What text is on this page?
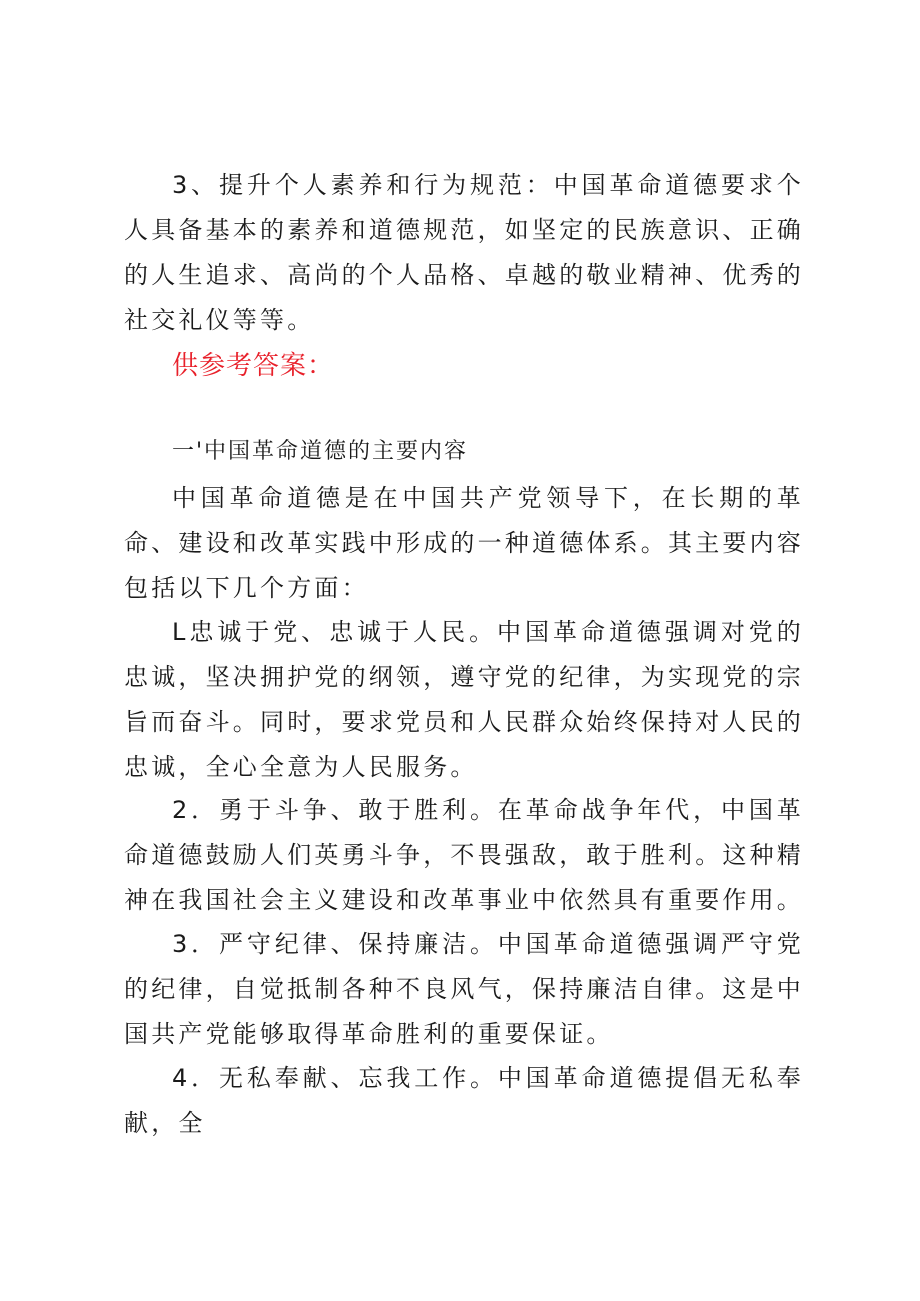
3、提升个人素养和行为规范：中国革命道德要求个人具备基本的素养和道德规范，如坚定的民族意识、正确的人生追求、高尚的个人品格、卓越的敬业精神、优秀的社交礼仪等等。

供参考答案：

一'中国革命道德的主要内容

中国革命道德是在中国共产党领导下，在长期的革命、建设和改革实践中形成的一种道德体系。其主要内容包括以下几个方面：

L忠诚于党、忠诚于人民。中国革命道德强调对党的忠诚，坚决拥护党的纲领，遵守党的纪律，为实现党的宗旨而奋斗。同时，要求党员和人民群众始终保持对人民的忠诚，全心全意为人民服务。

2．勇于斗争、敢于胜利。在革命战争年代，中国革命道德鼓励人们英勇斗争，不畏强敌，敢于胜利。这种精神在我国社会主义建设和改革事业中依然具有重要作用。

3．严守纪律、保持廉洁。中国革命道德强调严守党的纪律，自觉抵制各种不良风气，保持廉洁自律。这是中国共产党能够取得革命胜利的重要保证。

4．无私奉献、忘我工作。中国革命道德提倡无私奉献，全
